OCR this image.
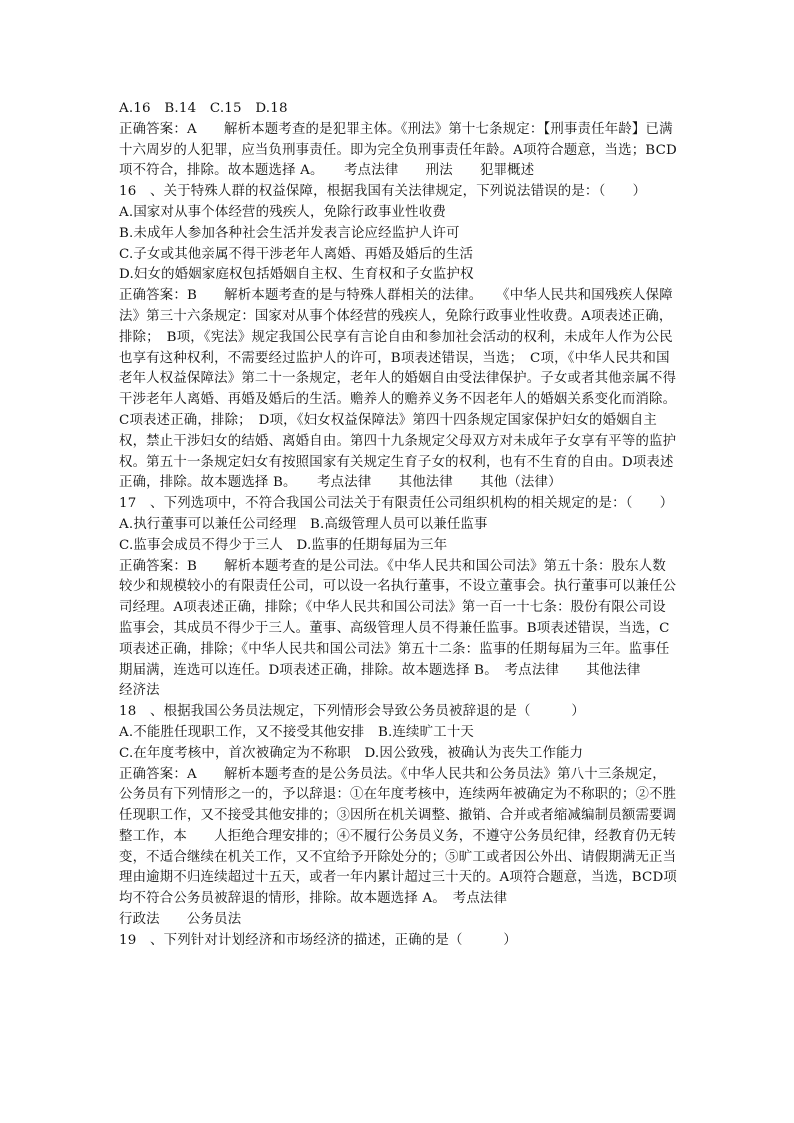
A.16　B.14　C.15　D.18

正确答案：A　　解析本题考查的是犯罪主体。《刑法》第十七条规定：【刑事责任年龄】已满十六周岁的人犯罪，应当负刑事责任。即为完全负刑事责任年龄。A项符合题意，当选；BCD项不符合，排除。故本题选择 A。　　考点法律　　刑法　　犯罪概述

16　、关于特殊人群的权益保障，根据我国有关法律规定，下列说法错误的是：（　　）

A.国家对从事个体经营的残疾人，免除行政事业性收费

B.未成年人参加各种社会生活并发表言论应经监护人许可

C.子女或其他亲属不得干涉老年人离婚、再婚及婚后的生活

D.妇女的婚姻家庭权包括婚姻自主权、生育权和子女监护权

正确答案：B　　解析本题考查的是与特殊人群相关的法律。　　《中华人民共和国残疾人保障法》第三十六条规定：国家对从事个体经营的残疾人，免除行政事业性收费。A项表述正确，排除；　B项，《宪法》规定我国公民享有言论自由和参加社会活动的权利，未成年人作为公民也享有这种权利，不需要经过监护人的许可，B项表述错误，当选；　C项，《中华人民共和国老年人权益保障法》第二十一条规定，老年人的婚姻自由受法律保护。子女或者其他亲属不得干涉老年人离婚、再婚及婚后的生活。赡养人的赡养义务不因老年人的婚姻关系变化而消除。C项表述正确，排除；　D项，《妇女权益保障法》第四十四条规定国家保护妇女的婚姻自主权，禁止干涉妇女的结婚、离婚自由。第四十九条规定父母双方对未成年子女享有平等的监护权。第五十一条规定妇女有按照国家有关规定生育子女的权利，也有不生育的自由。D项表述正确，排除。故本题选择 B。　　考点法律　　其他法律　　其他（法律）

17　、下列选项中，不符合我国公司法关于有限责任公司组织机构的相关规定的是：（　　）

A.执行董事可以兼任公司经理　B.高级管理人员可以兼任监事

C.监事会成员不得少于三人　D.监事的任期每届为三年

正确答案：B　　解析本题考查的是公司法。《中华人民共和国公司法》第五十条：股东人数较少和规模较小的有限责任公司，可以设一名执行董事，不设立董事会。执行董事可以兼任公司经理。A项表述正确，排除；《中华人民共和国公司法》第一百一十七条：股份有限公司设监事会，其成员不得少于三人。董事、高级管理人员不得兼任监事。B项表述错误，当选，C项表述正确，排除；《中华人民共和国公司法》第五十二条：监事的任期每届为三年。监事任期届满，连选可以连任。D项表述正确，排除。故本题选择 B。　考点法律　　其他法律　　经济法

18　、根据我国公务员法规定，下列情形会导致公务员被辞退的是（　　　）

A.不能胜任现职工作，又不接受其他安排　B.连续旷工十天

C.在年度考核中，首次被确定为不称职　D.因公致残，被确认为丧失工作能力

正确答案：A　　解析本题考查的是公务员法。《中华人民共和公务员法》第八十三条规定，公务员有下列情形之一的，予以辞退：①在年度考核中，连续两年被确定为不称职的；②不胜任现职工作，又不接受其他安排的；③因所在机关调整、撤销、合并或者缩减编制员额需要调整工作，本　　人拒绝合理安排的；④不履行公务员义务，不遵守公务员纪律，经教育仍无转变，不适合继续在机关工作，又不宜给予开除处分的；⑤旷工或者因公外出、请假期满无正当理由逾期不归连续超过十五天，或者一年内累计超过三十天的。A项符合题意，当选，BCD项均不符合公务员被辞退的情形，排除。故本题选择 A。　考点法律

行政法　　公务员法

19　、下列针对计划经济和市场经济的描述，正确的是（　　　）
